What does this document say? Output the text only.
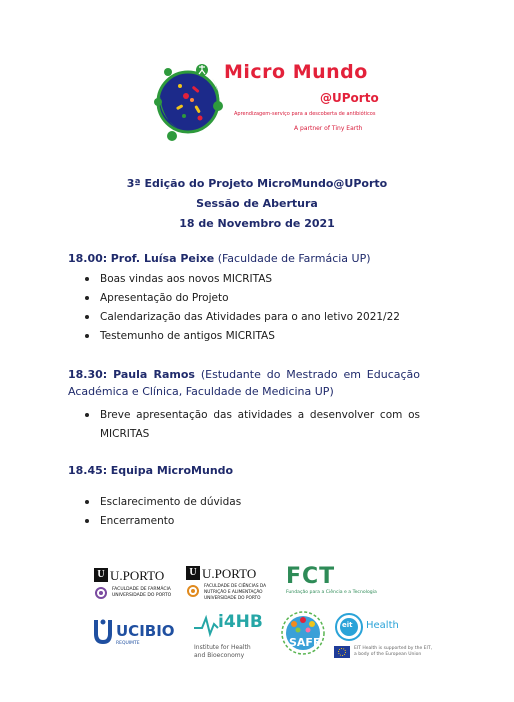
Micro Mundo
@UPorto
Aprendizagem-serviço para a descoberta de antibióticos
A partner of Tiny Earth
3ª Edição do Projeto MicroMundo@UPorto
Sessão de Abertura
18 de Novembro de 2021
18.00: Prof. Luísa Peixe (Faculdade de Farmácia UP)
Boas vindas aos novos MICRITAS
Apresentação do Projeto
Calendarização das Atividades para o ano letivo 2021/22
Testemunho de antigos MICRITAS
18.30: Paula Ramos (Estudante do Mestrado em Educação Académica e Clínica, Faculdade de Medicina UP)
Breve apresentação das atividades a desenvolver com os MICRITAS
18.45: Equipa MicroMundo
Esclarecimento de dúvidas
Encerramento
U U.PORTO
FACULDADE DE FARMÁCIA
UNIVERSIDADE DO PORTO
U U.PORTO
FACULDADE DE CIÊNCIAS DA
NUTRIÇÃO E ALIMENTAÇÃO
UNIVERSIDADE DO PORTO
FCT
Fundação para a Ciência e a Tecnologia
UCIBIO
REQUIMTE
i4HB
Institute for Health
and Bioeconomy
SAFE
eit Health
EIT Health is supported by the EIT,
a body of the European Union
